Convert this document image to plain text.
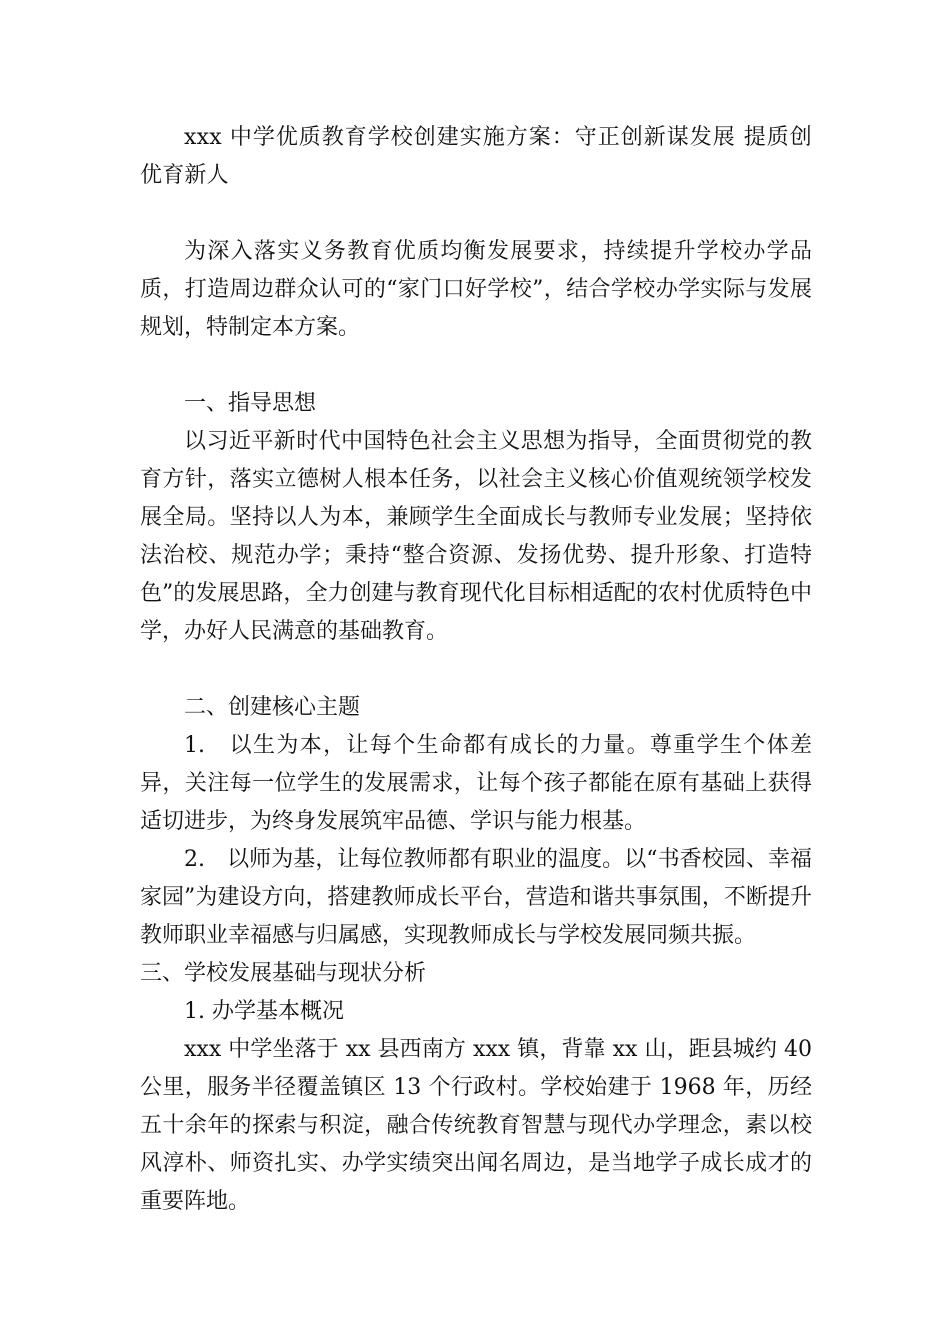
xxx 中学优质教育学校创建实施方案：守正创新谋发展 提质创优育新人

为深入落实义务教育优质均衡发展要求，持续提升学校办学品质，打造周边群众认可的“家门口好学校”，结合学校办学实际与发展规划，特制定本方案。

一、指导思想

以习近平新时代中国特色社会主义思想为指导，全面贯彻党的教育方针，落实立德树人根本任务，以社会主义核心价值观统领学校发展全局。坚持以人为本，兼顾学生全面成长与教师专业发展；坚持依法治校、规范办学；秉持“整合资源、发扬优势、提升形象、打造特色”的发展思路，全力创建与教育现代化目标相适配的农村优质特色中学，办好人民满意的基础教育。

二、创建核心主题

1.　以生为本，让每个生命都有成长的力量。尊重学生个体差异，关注每一位学生的发展需求，让每个孩子都能在原有基础上获得适切进步，为终身发展筑牢品德、学识与能力根基。

2.　以师为基，让每位教师都有职业的温度。以“书香校园、幸福家园”为建设方向，搭建教师成长平台，营造和谐共事氛围，不断提升教师职业幸福感与归属感，实现教师成长与学校发展同频共振。

三、学校发展基础与现状分析

1. 办学基本概况

xxx 中学坐落于 xx 县西南方 xxx 镇，背靠 xx 山，距县城约 40 公里，服务半径覆盖镇区 13 个行政村。学校始建于 1968 年，历经五十余年的探索与积淀，融合传统教育智慧与现代办学理念，素以校风淳朴、师资扎实、办学实绩突出闻名周边，是当地学子成长成才的重要阵地。
